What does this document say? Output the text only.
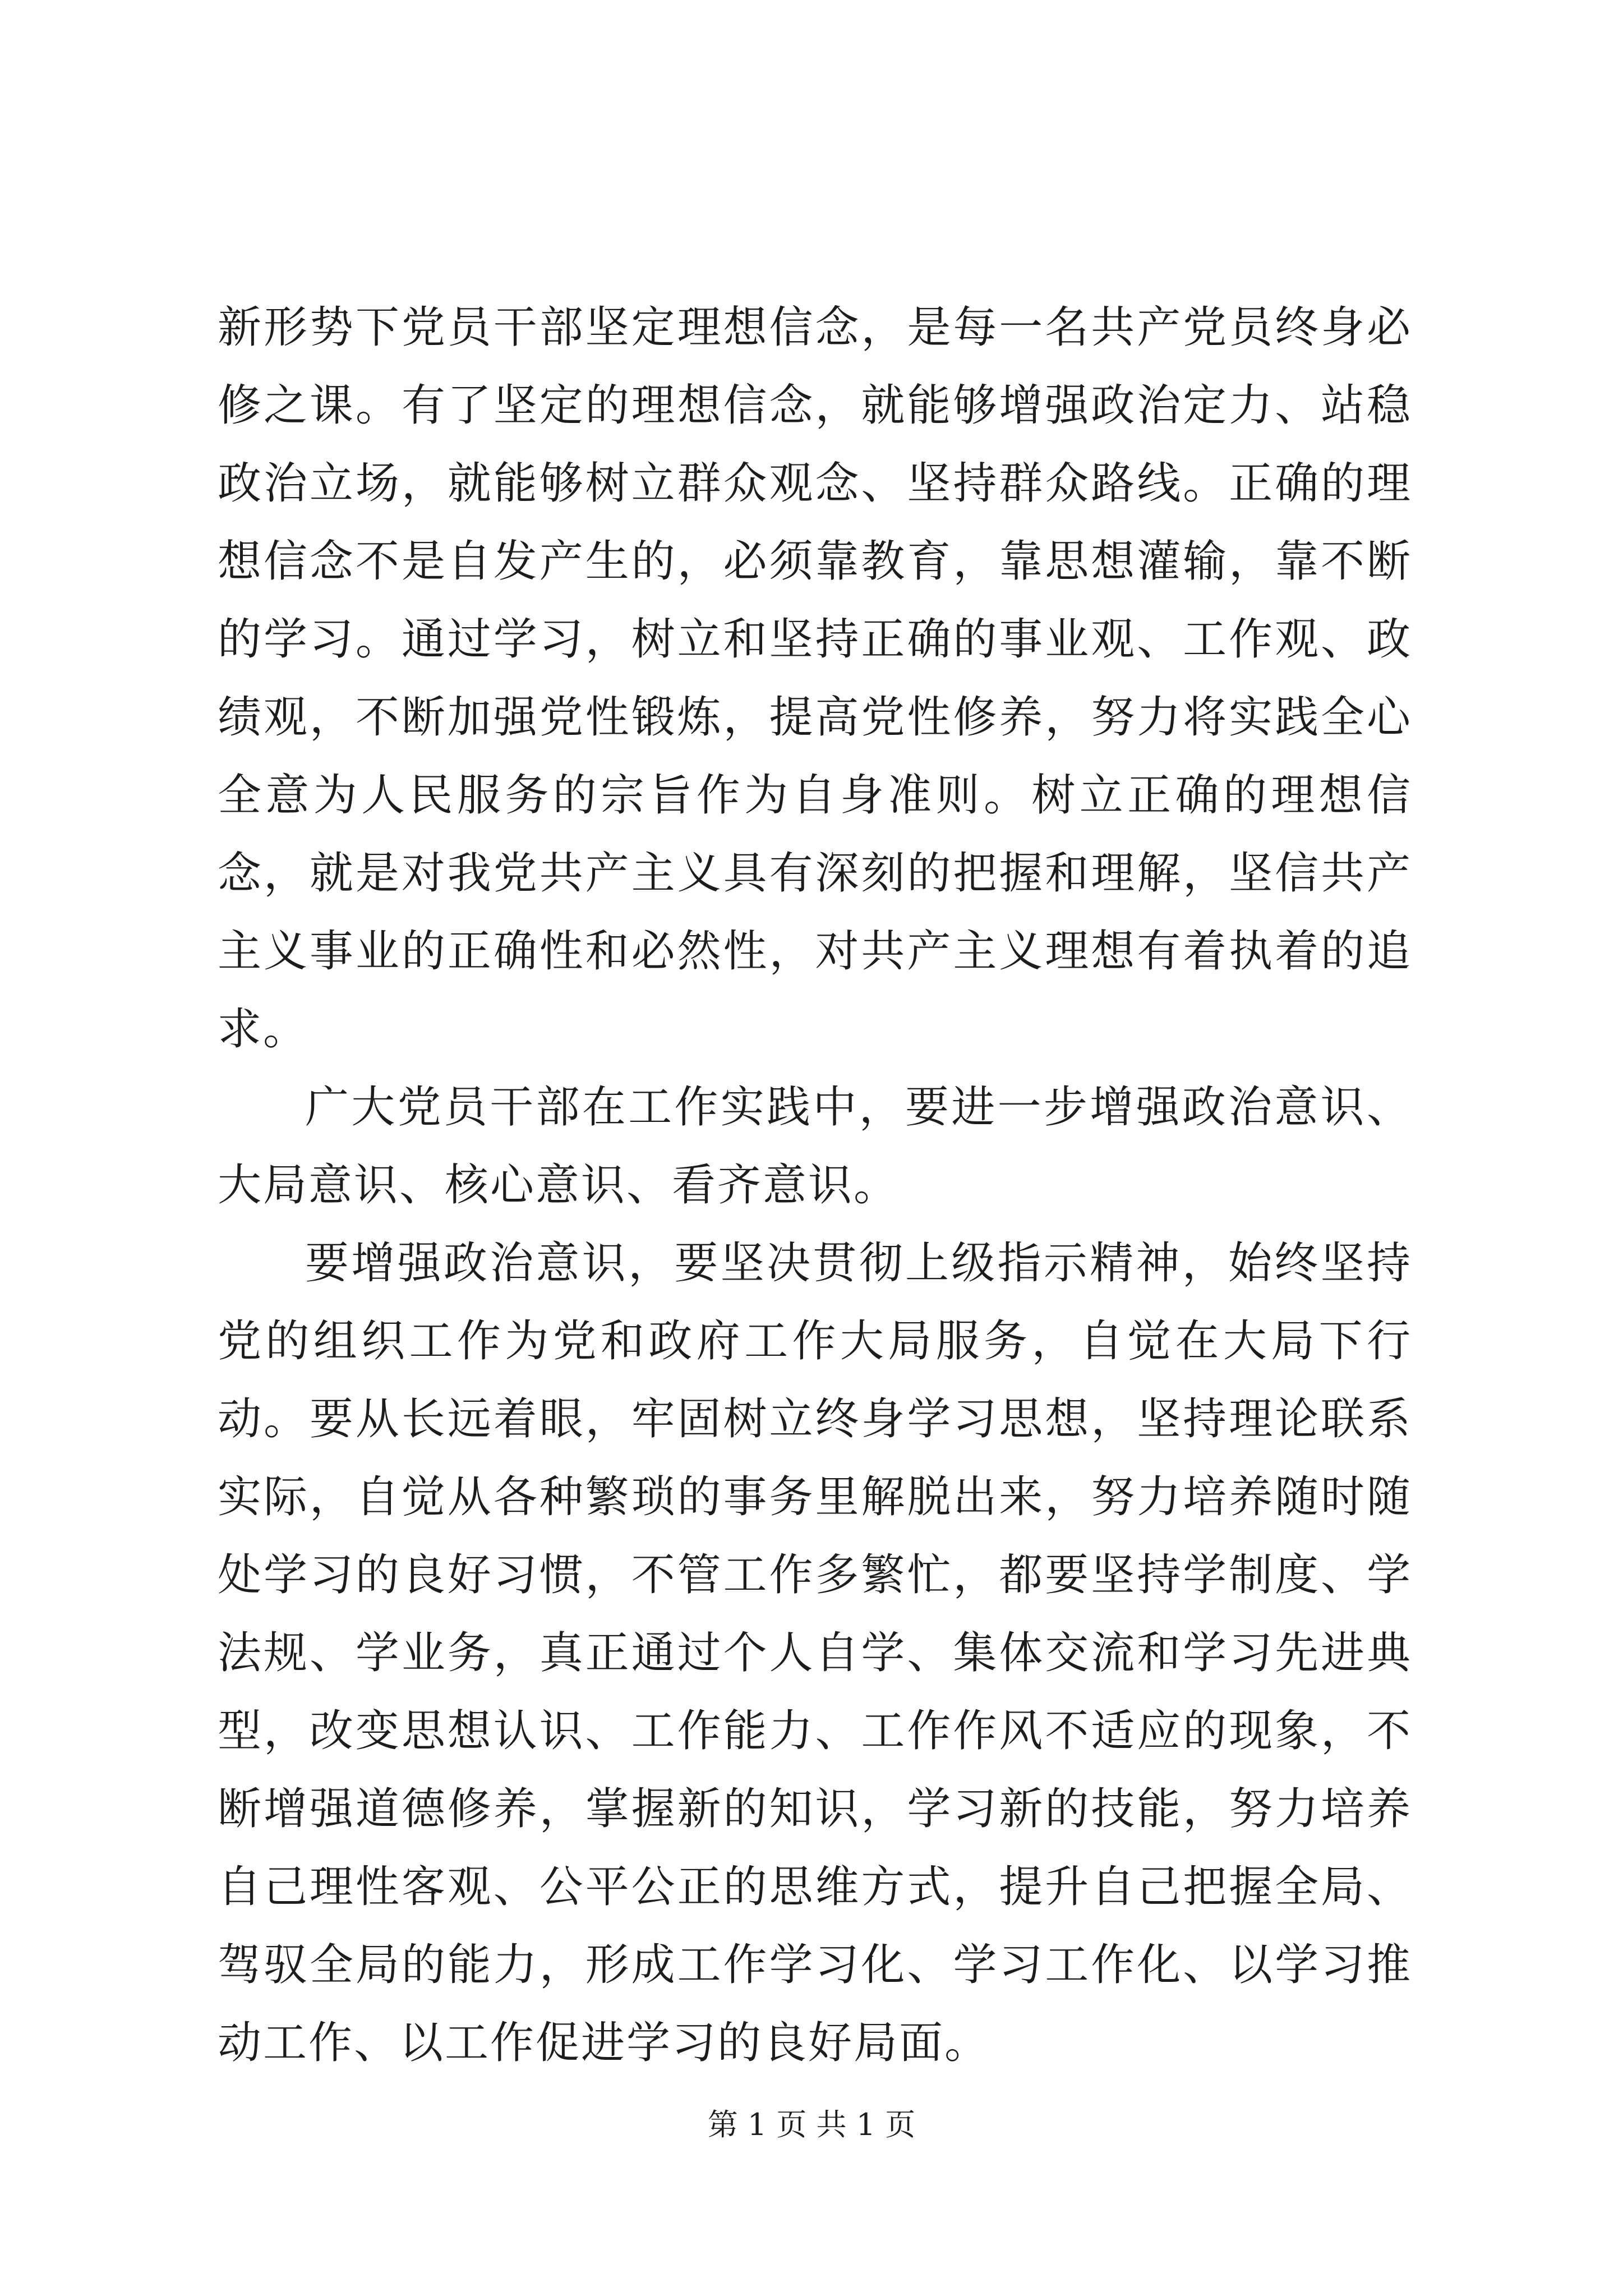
新形势下党员干部坚定理想信念，是每一名共产党员终身必修之课。有了坚定的理想信念，就能够增强政治定力、站稳政治立场，就能够树立群众观念、坚持群众路线。正确的理想信念不是自发产生的，必须靠教育，靠思想灌输，靠不断的学习。通过学习，树立和坚持正确的事业观、工作观、政绩观，不断加强党性锻炼，提高党性修养，努力将实践全心全意为人民服务的宗旨作为自身准则。树立正确的理想信念，就是对我党共产主义具有深刻的把握和理解，坚信共产主义事业的正确性和必然性，对共产主义理想有着执着的追求。

广大党员干部在工作实践中，要进一步增强政治意识、大局意识、核心意识、看齐意识。

要增强政治意识，要坚决贯彻上级指示精神，始终坚持党的组织工作为党和政府工作大局服务，自觉在大局下行动。要从长远着眼，牢固树立终身学习思想，坚持理论联系实际，自觉从各种繁琐的事务里解脱出来，努力培养随时随处学习的良好习惯，不管工作多繁忙，都要坚持学制度、学法规、学业务，真正通过个人自学、集体交流和学习先进典型，改变思想认识、工作能力、工作作风不适应的现象，不断增强道德修养，掌握新的知识，学习新的技能，努力培养自己理性客观、公平公正的思维方式，提升自己把握全局、驾驭全局的能力，形成工作学习化、学习工作化、以学习推动工作、以工作促进学习的良好局面。

第 1 页 共 1 页
